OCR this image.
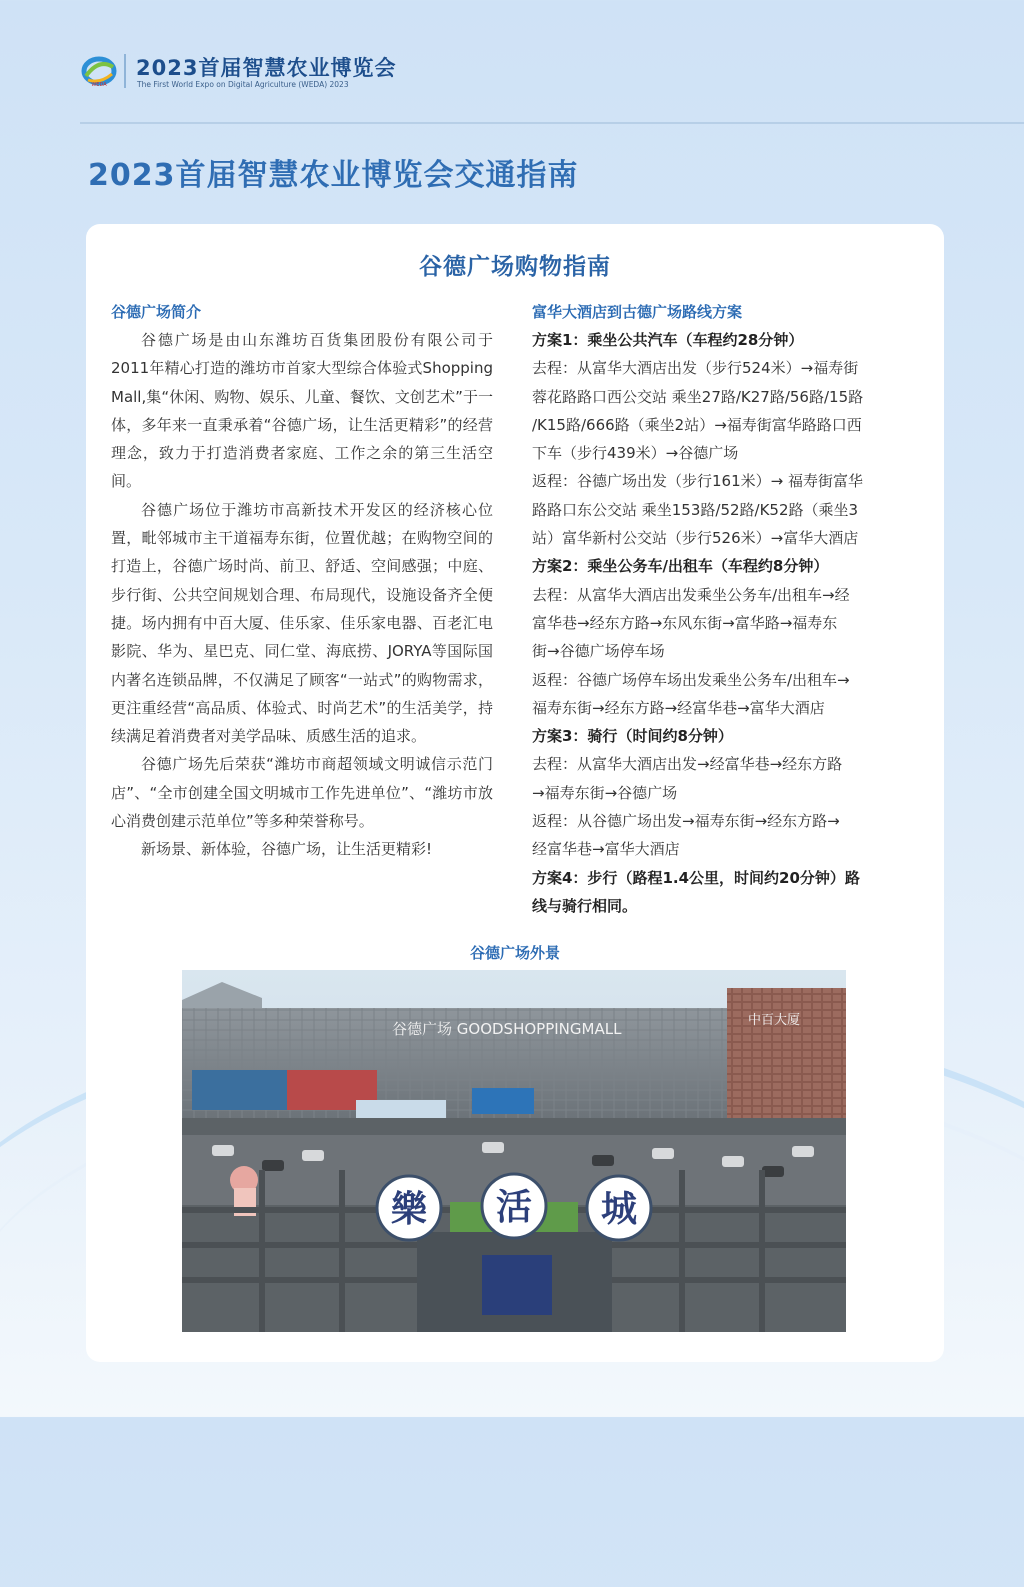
WEDA
2023首届智慧农业博览会
The First World Expo on Digital Agriculture (WEDA) 2023
2023首届智慧农业博览会交通指南
谷德广场购物指南
谷德广场简介

谷德广场是由山东潍坊百货集团股份有限公司于2011年精心打造的潍坊市首家大型综合体验式Shopping Mall,集“休闲、购物、娱乐、儿童、餐饮、文创艺术”于一体，多年来一直秉承着“谷德广场，让生活更精彩”的经营理念，致力于打造消费者家庭、工作之余的第三生活空间。

谷德广场位于潍坊市高新技术开发区的经济核心位置，毗邻城市主干道福寿东街，位置优越；在购物空间的打造上，谷德广场时尚、前卫、舒适、空间感强；中庭、步行街、公共空间规划合理、布局现代，设施设备齐全便捷。场内拥有中百大厦、佳乐家、佳乐家电器、百老汇电影院、华为、星巴克、同仁堂、海底捞、JORYA等国际国内著名连锁品牌，不仅满足了顾客“一站式”的购物需求，更注重经营“高品质、体验式、时尚艺术”的生活美学，持续满足着消费者对美学品味、质感生活的追求。

谷德广场先后荣获“潍坊市商超领域文明诚信示范门店”、“全市创建全国文明城市工作先进单位”、“潍坊市放心消费创建示范单位”等多种荣誉称号。

新场景、新体验，谷德广场，让生活更精彩!

富华大酒店到古德广场路线方案

方案1：乘坐公共汽车（车程约28分钟）

去程：从富华大酒店出发（步行524米）→福寿街

蓉花路路口西公交站 乘坐27路/K27路/56路/15路

/K15路/666路（乘坐2站）→福寿街富华路路口西

下车（步行439米）→谷德广场

返程：谷德广场出发（步行161米）→ 福寿街富华

路路口东公交站 乘坐153路/52路/K52路（乘坐3

站）富华新村公交站（步行526米）→富华大酒店

方案2：乘坐公务车/出租车（车程约8分钟）

去程：从富华大酒店出发乘坐公务车/出租车→经

富华巷→经东方路→东风东街→富华路→福寿东

街→谷德广场停车场

返程：谷德广场停车场出发乘坐公务车/出租车→

福寿东街→经东方路→经富华巷→富华大酒店

方案3：骑行（时间约8分钟）

去程：从富华大酒店出发→经富华巷→经东方路

→福寿东街→谷德广场

返程：从谷德广场出发→福寿东街→经东方路→

经富华巷→富华大酒店

方案4：步行（路程1.4公里，时间约20分钟）路

线与骑行相同。

谷德广场外景
谷德广场 GOODSHOPPINGMALL	中百大厦
樂 活 城
